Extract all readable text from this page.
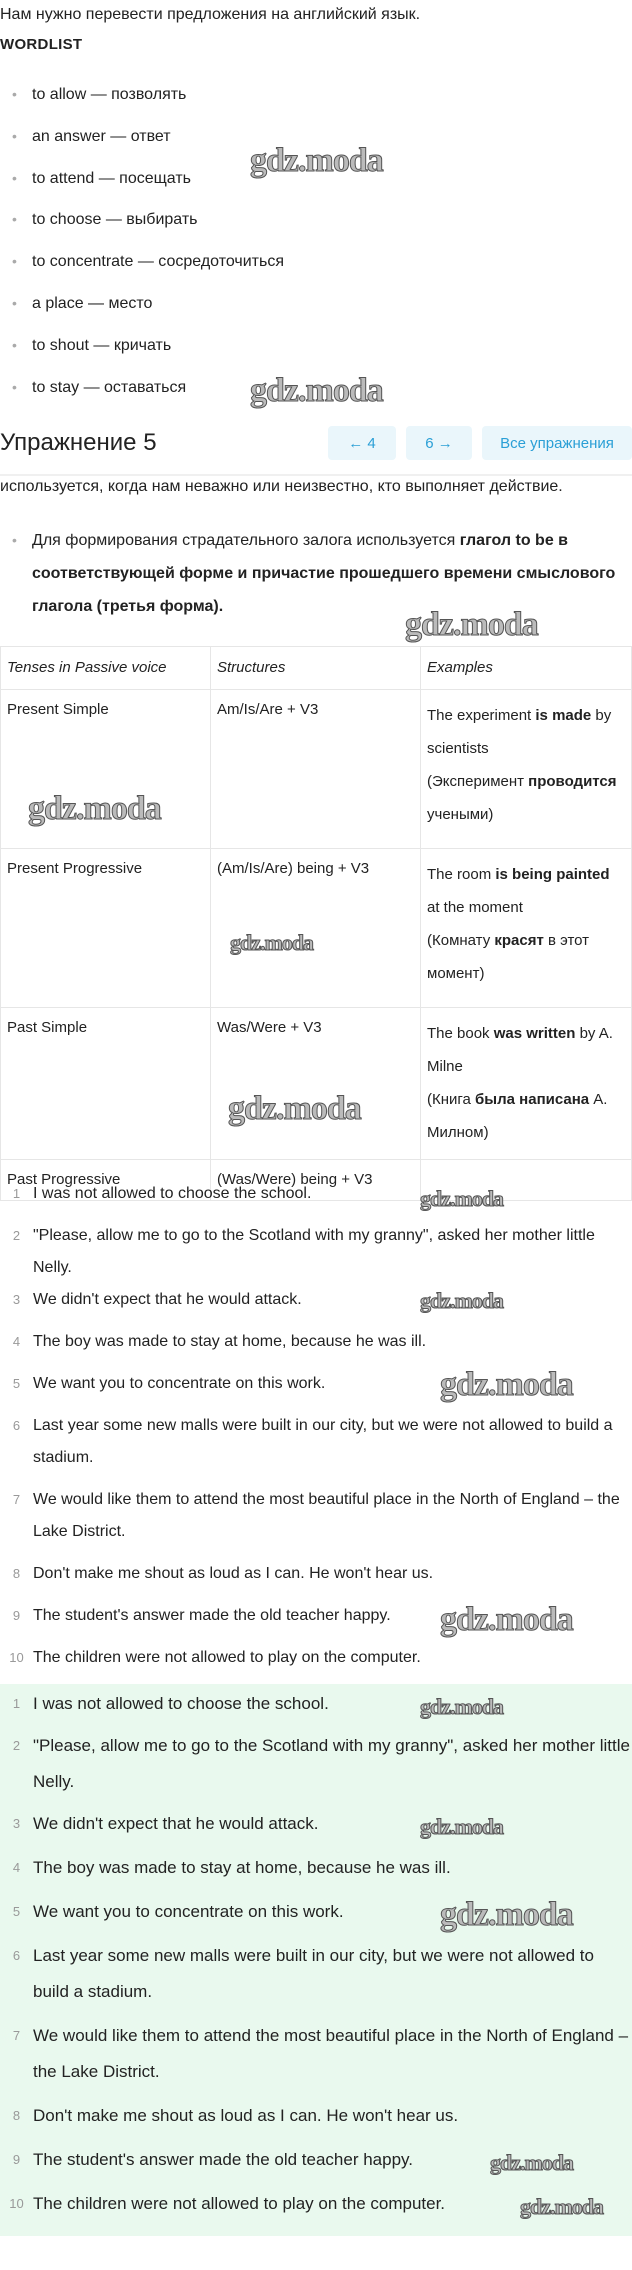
Нам нужно перевести предложения на английский язык.
WORDLIST
• to allow — позволять
• an answer — ответ
• to attend — посещать
• to choose — выбирать
• to concentrate — сосредоточиться
• a place — место
• to shout — кричать
• to stay — оставаться
Упражнение 5	← 4	6 →	Все упражнения
используется, когда нам неважно или неизвестно, кто выполняет действие.
• Для формирования страдательного залога используется глагол to be в соответствующей форме и причастие прошедшего времени смыслового глагола (третья форма).
Tenses in Passive voice	Structures	Examples
Present Simple	Am/Is/Are + V3	The experiment is made by scientists
(Эксперимент проводится учеными)
Present Progressive	(Am/Is/Are) being + V3	The room is being painted at the moment
(Комнату красят в этот момент)
Past Simple	Was/Were + V3	The book was written by A. Milne
(Книга была написана А. Милном)
Past Progressive	(Was/Were) being + V3	
1 I was not allowed to choose the school.
2 "Please, allow me to go to the Scotland with my granny", asked her mother little Nelly.
3 We didn't expect that he would attack.
4 The boy was made to stay at home, because he was ill.
5 We want you to concentrate on this work.
6 Last year some new malls were built in our city, but we were not allowed to build a stadium.
7 We would like them to attend the most beautiful place in the North of England – the Lake District.
8 Don't make me shout as loud as I can. He won't hear us.
9 The student's answer made the old teacher happy.
10 The children were not allowed to play on the computer.
1 I was not allowed to choose the school.
2 "Please, allow me to go to the Scotland with my granny", asked her mother little Nelly.
3 We didn't expect that he would attack.
4 The boy was made to stay at home, because he was ill.
5 We want you to concentrate on this work.
6 Last year some new malls were built in our city, but we were not allowed to build a stadium.
7 We would like them to attend the most beautiful place in the North of England – the Lake District.
8 Don't make me shout as loud as I can. He won't hear us.
9 The student's answer made the old teacher happy.
10 The children were not allowed to play on the computer.
gdz.moda
gdz.moda
gdz.moda
gdz.moda
gdz.moda
gdz.moda
gdz.moda
gdz.moda
gdz.moda
gdz.moda
gdz.moda
gdz.moda
gdz.moda
gdz.moda
gdz.moda
